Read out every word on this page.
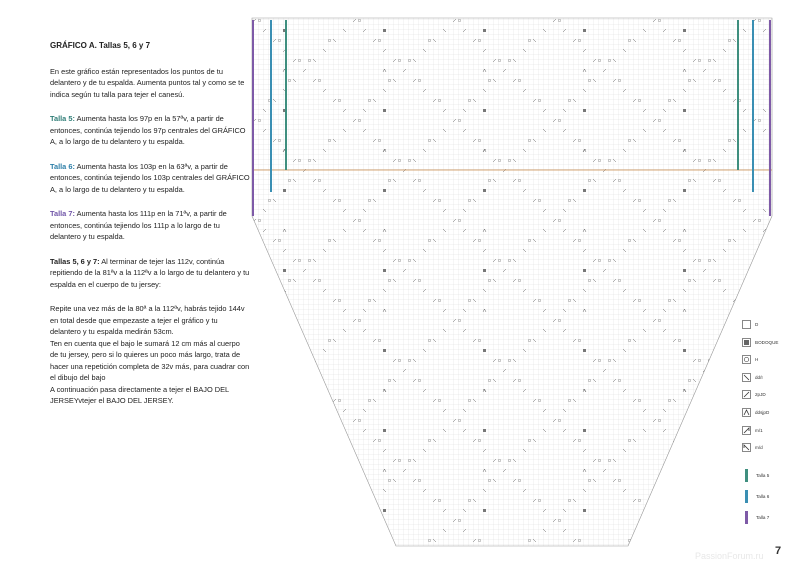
GRÁFICO A. Tallas 5, 6 y 7

En este gráfico están representados los puntos de tu delantero y de tu espalda. Aumenta puntos tal y como se te indica según tu talla para tejer el canesú.

Talla 5: Aumenta hasta los 97p en la 57ªv, a partir de entonces, continúa tejiendo los 97p centrales del GRÁFICO A, a lo largo de tu delantero y tu espalda.

Talla 6: Aumenta hasta los 103p en la 63ªv, a partir de entonces, continúa tejiendo los 103p centrales del GRÁFICO A, a lo largo de tu delantero y tu espalda.

Talla 7: Aumenta hasta los 111p en la 71ªv, a partir de entonces, continúa tejiendo los 111p a lo largo de tu delantero y tu espalda.

Tallas 5, 6 y 7: Al terminar de tejer las 112v, continúa repitiendo de la 81ªv a la 112ªv a lo largo de tu delantero y tu espalda en el cuerpo de tu jersey:

Repite una vez más de la 80ª a la 112ªv, habrás tejido 144v en total desde que empezaste a tejer el gráfico y tu delantero y tu espalda medirán 53cm.
Ten en cuenta que el bajo le sumará 12 cm más al cuerpo de tu jersey, pero si lo quieres un poco más largo, trata de hacer una repetición completa de 32v más, para cuadrar con el dibujo del bajo
A continuación pasa directamente a tejer el BAJO DEL JERSEYvtejer el BAJO DEL JERSEY.
D
BODOQUE
H
dd/I
2pJD
ddsjpD
m/1
m/d
Talla 5
Talla 6
Talla 7
PassionForum.ru 7
